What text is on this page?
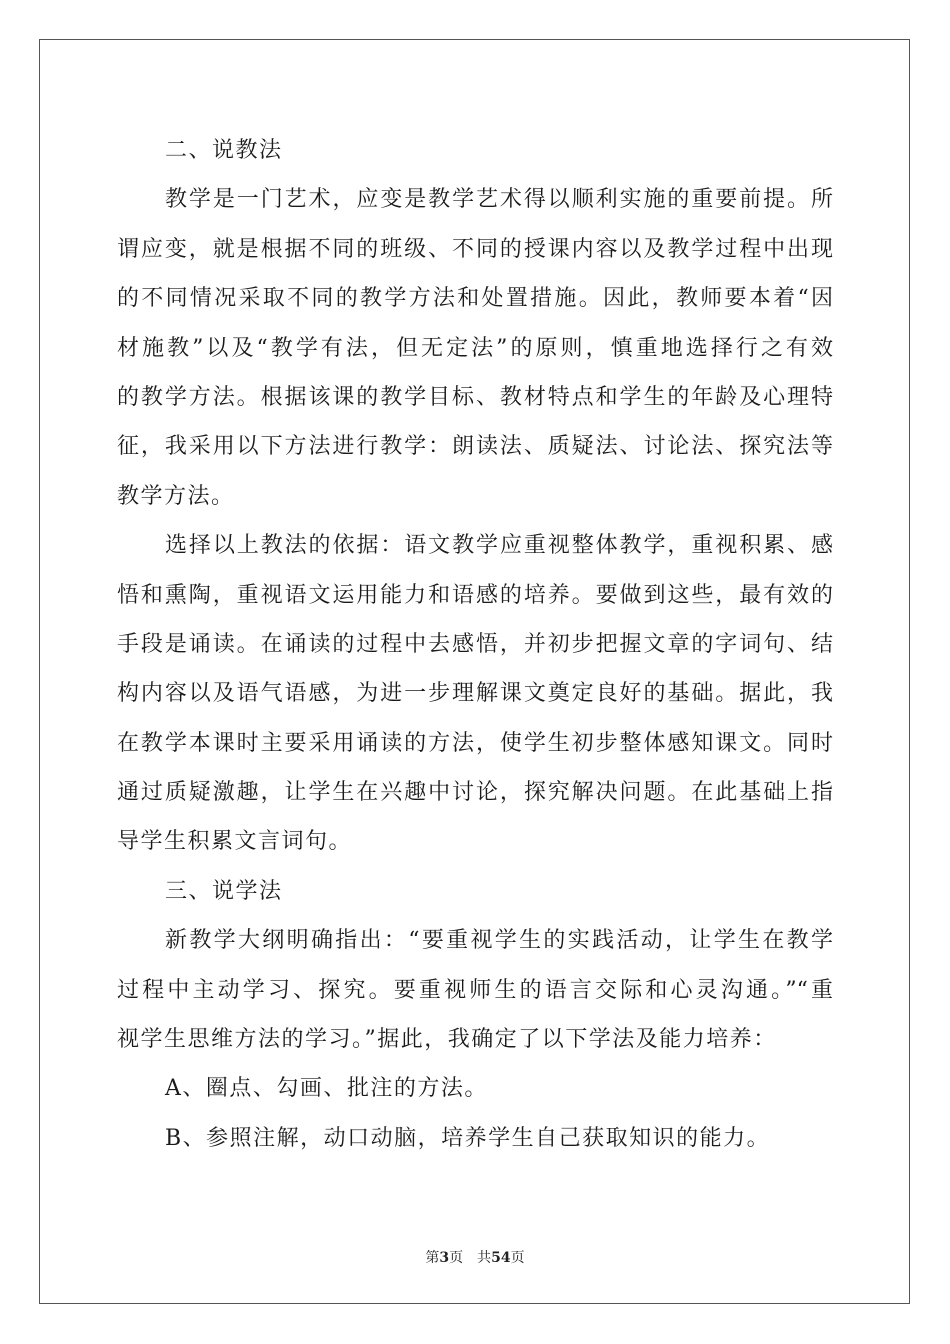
二、说教法
教学是一门艺术，应变是教学艺术得以顺利实施的重要前提。所
谓应变，就是根据不同的班级、不同的授课内容以及教学过程中出现
的不同情况采取不同的教学方法和处置措施。因此，教师要本着“因
材施教”以及“教学有法，但无定法”的原则，慎重地选择行之有效
的教学方法。根据该课的教学目标、教材特点和学生的年龄及心理特
征，我采用以下方法进行教学：朗读法、质疑法、讨论法、探究法等
教学方法。
选择以上教法的依据：语文教学应重视整体教学，重视积累、感
悟和熏陶，重视语文运用能力和语感的培养。要做到这些，最有效的
手段是诵读。在诵读的过程中去感悟，并初步把握文章的字词句、结
构内容以及语气语感，为进一步理解课文奠定良好的基础。据此，我
在教学本课时主要采用诵读的方法，使学生初步整体感知课文。同时
通过质疑激趣，让学生在兴趣中讨论，探究解决问题。在此基础上指
导学生积累文言词句。
三、说学法
新教学大纲明确指出：“要重视学生的实践活动，让学生在教学
过程中主动学习、探究。要重视师生的语言交际和心灵沟通。”“重
视学生思维方法的学习。”据此，我确定了以下学法及能力培养：
A、圈点、勾画、批注的方法。
B、参照注解，动口动脑，培养学生自己获取知识的能力。
第3页 共54页
